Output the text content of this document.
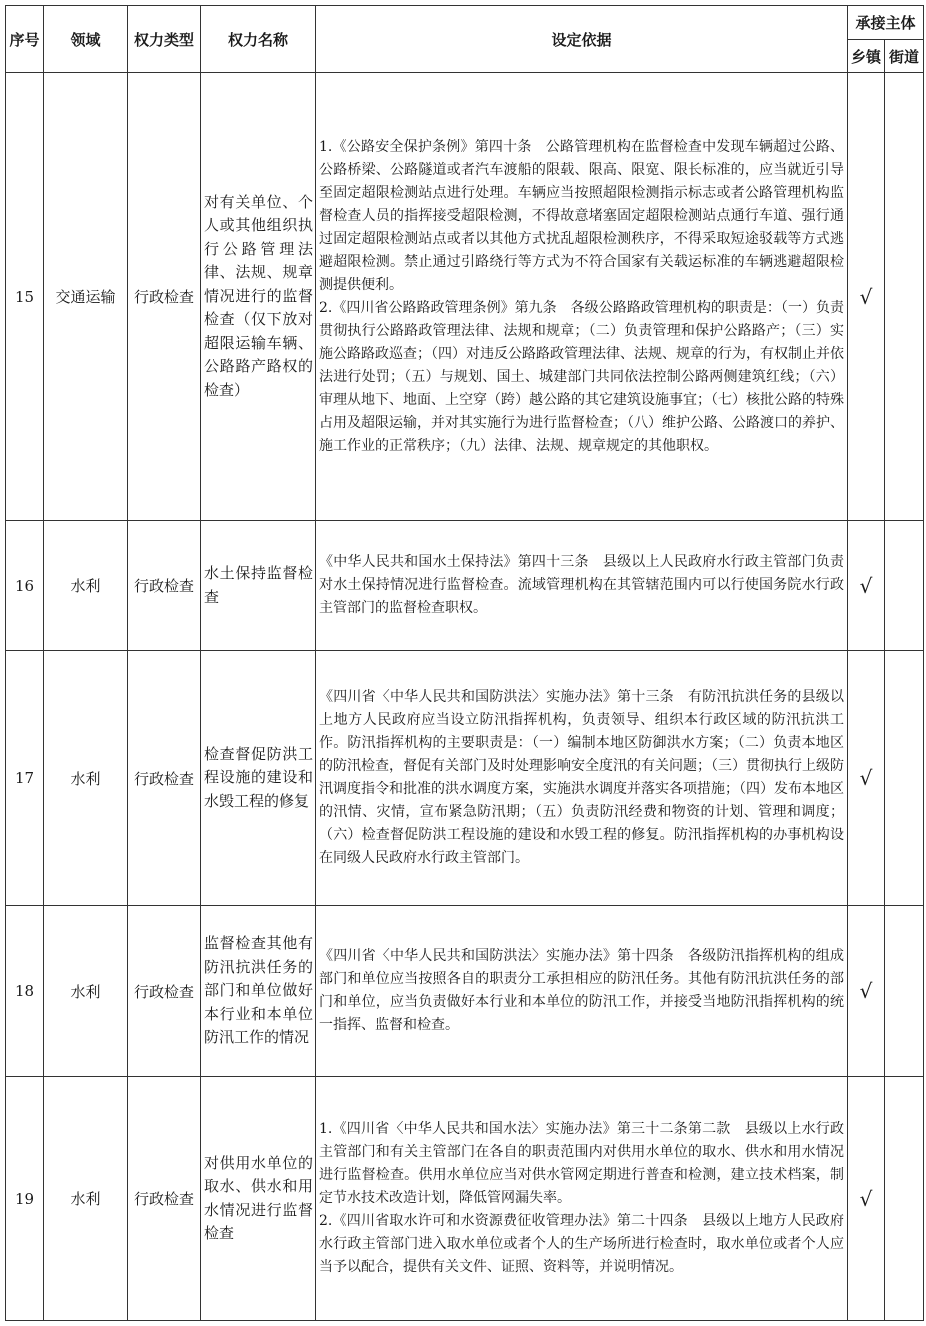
序号	领域	权力类型	权力名称	设定依据	承接主体	
					乡镇	街道
15	交通运输	行政检查	对有关单位、个人或其他组织执行公路管理法律、法规、规章情况进行的监督检查（仅下放对超限运输车辆、公路路产路权的检查）	1.《公路安全保护条例》第四十条　公路管理机构在监督检查中发现车辆超过公路、公路桥梁、公路隧道或者汽车渡船的限载、限高、限宽、限长标准的，应当就近引导至固定超限检测站点进行处理。车辆应当按照超限检测指示标志或者公路管理机构监督检查人员的指挥接受超限检测，不得故意堵塞固定超限检测站点通行车道、强行通过固定超限检测站点或者以其他方式扰乱超限检测秩序，不得采取短途驳载等方式逃避超限检测。禁止通过引路绕行等方式为不符合国家有关载运标准的车辆逃避超限检测提供便利。

2.《四川省公路路政管理条例》第九条　各级公路路政管理机构的职责是：（一）负责贯彻执行公路路政管理法律、法规和规章；（二）负责管理和保护公路路产；（三）实施公路路政巡查；（四）对违反公路路政管理法律、法规、规章的行为，有权制止并依法进行处罚；（五）与规划、国土、城建部门共同依法控制公路两侧建筑红线；（六）审理从地下、地面、上空穿（跨）越公路的其它建筑设施事宜；（七）核批公路的特殊占用及超限运输，并对其实施行为进行监督检查；（八）维护公路、公路渡口的养护、施工作业的正常秩序；（九）法律、法规、规章规定的其他职权。	√	
16	水利	行政检查	水土保持监督检查	《中华人民共和国水土保持法》第四十三条　县级以上人民政府水行政主管部门负责对水土保持情况进行监督检查。流域管理机构在其管辖范围内可以行使国务院水行政主管部门的监督检查职权。	√	
17	水利	行政检查	检查督促防洪工程设施的建设和水毁工程的修复	《四川省〈中华人民共和国防洪法〉实施办法》第十三条　有防汛抗洪任务的县级以上地方人民政府应当设立防汛指挥机构，负责领导、组织本行政区域的防汛抗洪工作。防汛指挥机构的主要职责是：（一）编制本地区防御洪水方案；（二）负责本地区的防汛检查，督促有关部门及时处理影响安全度汛的有关问题；（三）贯彻执行上级防汛调度指令和批准的洪水调度方案，实施洪水调度并落实各项措施；（四）发布本地区的汛情、灾情，宣布紧急防汛期；（五）负责防汛经费和物资的计划、管理和调度；（六）检查督促防洪工程设施的建设和水毁工程的修复。防汛指挥机构的办事机构设在同级人民政府水行政主管部门。	√	
18	水利	行政检查	监督检查其他有防汛抗洪任务的部门和单位做好本行业和本单位防汛工作的情况	《四川省〈中华人民共和国防洪法〉实施办法》第十四条　各级防汛指挥机构的组成部门和单位应当按照各自的职责分工承担相应的防汛任务。其他有防汛抗洪任务的部门和单位，应当负责做好本行业和本单位的防汛工作，并接受当地防汛指挥机构的统一指挥、监督和检查。	√	
19	水利	行政检查	对供用水单位的取水、供水和用水情况进行监督检查	1.《四川省〈中华人民共和国水法〉实施办法》第三十二条第二款　县级以上水行政主管部门和有关主管部门在各自的职责范围内对供用水单位的取水、供水和用水情况进行监督检查。供用水单位应当对供水管网定期进行普查和检测，建立技术档案，制定节水技术改造计划，降低管网漏失率。

2.《四川省取水许可和水资源费征收管理办法》第二十四条　县级以上地方人民政府水行政主管部门进入取水单位或者个人的生产场所进行检查时，取水单位或者个人应当予以配合，提供有关文件、证照、资料等，并说明情况。	√	
